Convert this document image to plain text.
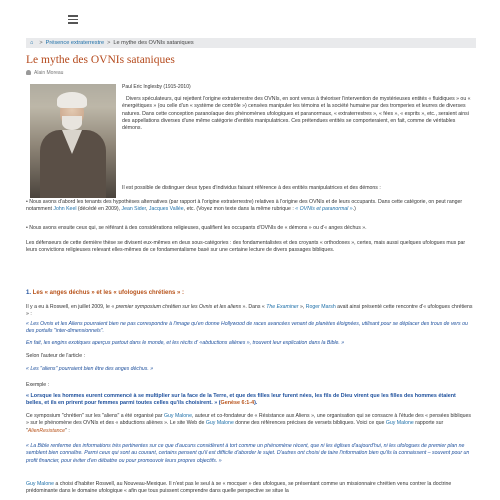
⌂ > Présence extraterrestre > Le mythe des OVNIs sataniques
Le mythe des OVNIs sataniques
Alain Moreau
Paul Eric Inglesby (1915-2010)

Divers spéculateurs, qui rejettent l'origine extraterrestre des OVNIs, en sont venus à théoriser l'intervention de mystérieuses entités « fluidiques » ou « énergétiques » (ou celle d'un « système de contrôle ») censées manipuler les témoins et la société humaine par des tromperies et leurres de diverses natures. Dans cette conception paranoïaque des phénomènes ufologiques et paranormaux, « extraterrestres », « fées », « esprits », etc., seraient ainsi des appellations diverses d'une même catégorie d'entités manipulatrices. Ces prétendues entités se comporteraient, en fait, comme de véritables démons.

Il est possible de distinguer deux types d'individus faisant référence à des entités manipulatrices et des démons :

• Nous avons d'abord les tenants des hypothèses alternatives (par rapport à l'origine extraterrestre) relatives à l'origine des OVNIs et de leurs occupants. Dans cette catégorie, on peut ranger notamment John Keel (décédé en 2009), Jean Sider, Jacques Vallée, etc. (Voyez mon texte dans la même rubrique : « OVNIs et paranormal ».)

• Nous avons ensuite ceux qui, se référant à des considérations religieuses, qualifient les occupants d'OVNIs de « démons » ou d'« anges déchus ».

Les défenseurs de cette dernière thèse se divisent eux-mêmes en deux sous-catégories : des fondamentalistes et des croyants « orthodoxes », certes, mais aussi quelques ufologues mus par leurs convictions religieuses relevant elles-mêmes de ce fondamentalisme basé sur une certaine lecture de divers passages bibliques.

1. Les « anges déchus » et les « ufologues chrétiens » :

Il y a eu à Roswell, en juillet 2009, le « premier symposium chrétien sur les Ovnis et les aliens ». Dans « The Examiner », Roger Marsh avait ainsi présenté cette rencontre d'« ufologues chrétiens » :

« Les Ovnis et les Aliens pourraient bien ne pas correspondre à l'image qu'en donne Hollywood de races avancées venant de planètes éloignées, utilisant pour se déplacer des trous de vers ou des portails "inter-dimensionnels".

En fait, les engins exotiques aperçus partout dans le monde, et les récits d' «abductions aliènes », trouvent leur explication dans la Bible. »

Selon l'auteur de l'article :

« Les "aliens" pourraient bien être des anges déchus. »

Exemple :

« Lorsque les hommes eurent commencé à se multiplier sur la face de la Terre, et que des filles leur furent nées, les fils de Dieu virent que les filles des hommes étaient belles, et ils en prirent pour femmes parmi toutes celles qu'ils choisirent. » (Genèse 6:1-4).

Ce symposium "chrétien" sur les "aliens" a été organisé par Guy Malone, auteur et co-fondateur de « Résistance aux Aliens », une organisation qui se consacre à l'étude des « pensées bibliques » sur le phénomène des OVNIs et des « abductions aliènes ». Le site Web de Guy Malone donne des références précises de versets bibliques. Voici ce que Guy Malone rapporte sur "AlienResistance" :

« La Bible renferme des informations très pertinentes sur ce que d'aucuns considèrent à tort comme un phénomène récent, que ni les églises d'aujourd'hui, ni les ufologues de premier plan ne semblent bien connaître. Parmi ceux qui sont au courant, certains pensent qu'il est difficile d'aborder le sujet. D'autres ont choisi de taire l'information bien qu'ils la connaissent – souvent pour un profit financier, pour éviter d'en débattre ou pour promouvoir leurs propres objectifs. »

Guy Malone a choisi d'habiter Roswell, au Nouveau-Mexique. Il n'est pas le seul à se « mocquer » des ufologues, se présentant comme un missionnaire chrétien venu contrer la doctrine prédominante dans le domaine ufologique « afin que tous puissent comprendre dans quelle perspective se situe la
